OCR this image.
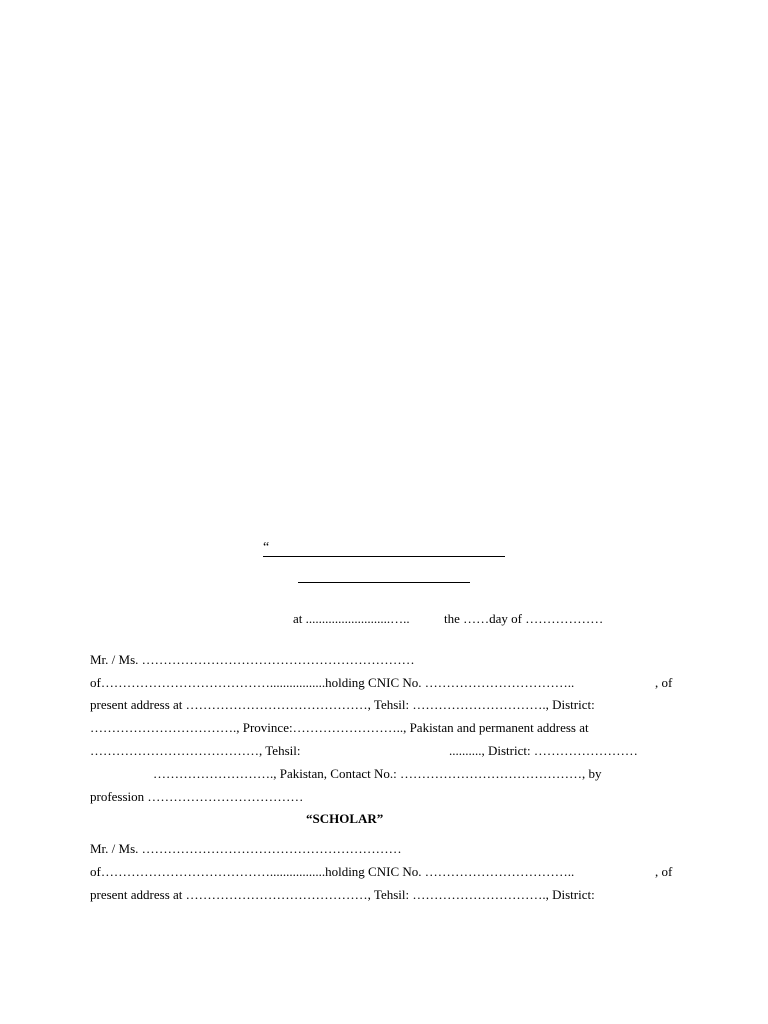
“
at ..........................…..	the ……day of ………………
Mr. / Ms. ………………………………………………………
of………………………………….................holding CNIC No. ……………………………..	, of
present address at ……………………………………, Tehsil: …………………………., District:
……………………………., Province:…………………….., Pakistan and permanent address at
…………………………………, Tehsil:	.........., District: ……………………
………………………., Pakistan, Contact No.: ……………………………………, by
profession ………………………………
“SCHOLAR”
Mr. / Ms. ……………………………………………………
of………………………………….................holding CNIC No. ……………………………..	, of
present address at ……………………………………, Tehsil: …………………………., District:
